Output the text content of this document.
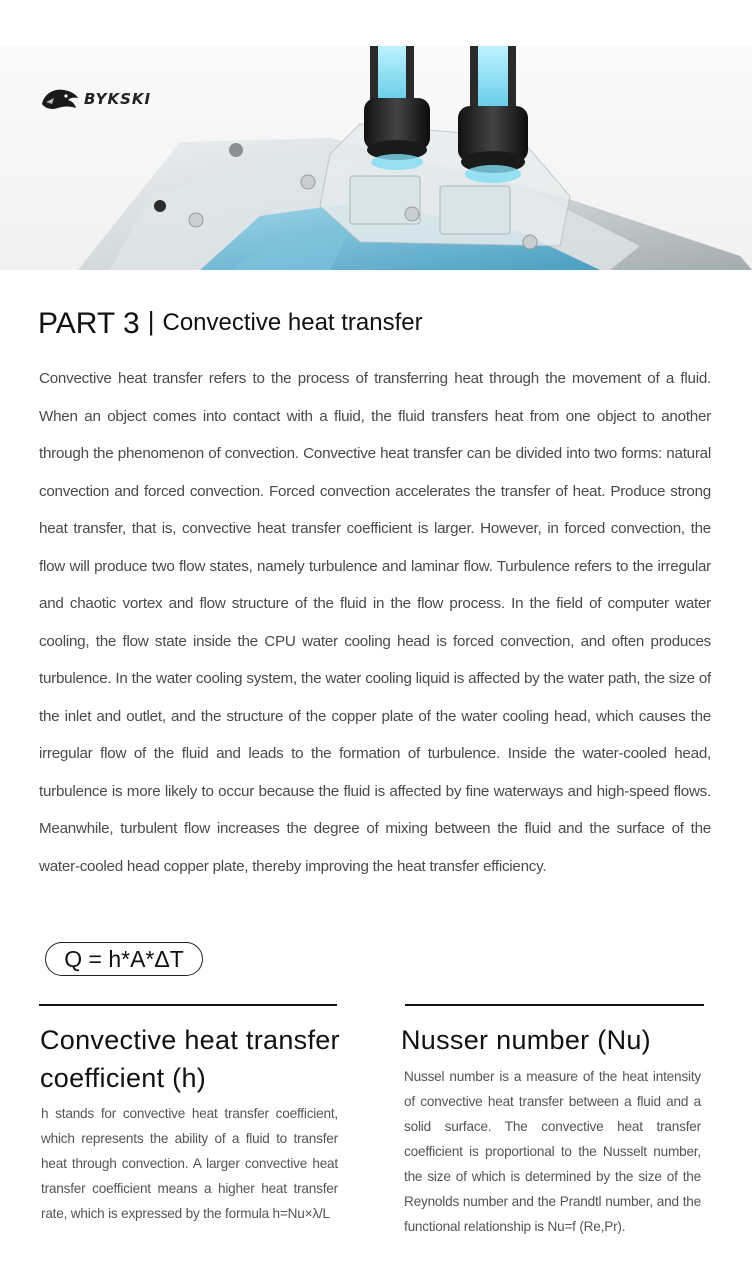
BYKSKI
PART 3 | Convective heat transfer

Convective heat transfer refers to the process of transferring heat through the movement of a fluid. When an object comes into contact with a fluid, the fluid transfers heat from one object to another through the phenomenon of convection. Convective heat transfer can be divided into two forms: natural convection and forced convection. Forced convection accelerates the transfer of heat. Produce strong heat transfer, that is, convective heat transfer coefficient is larger. However, in forced convection, the flow will produce two flow states, namely turbulence and laminar flow. Turbulence refers to the irregular and chaotic vortex and flow structure of the fluid in the flow process. In the field of computer water cooling, the flow state inside the CPU water cooling head is forced convection, and often produces turbulence. In the water cooling system, the water cooling liquid is affected by the water path, the size of the inlet and outlet, and the structure of the copper plate of the water cooling head, which causes the irregular flow of the fluid and leads to the formation of turbulence. Inside the water-cooled head, turbulence is more likely to occur because the fluid is affected by fine waterways and high-speed flows. Meanwhile, turbulent flow increases the degree of mixing between the fluid and the surface of the water-cooled head copper plate, thereby improving the heat transfer efficiency.

Q = h*A*ΔT
Convective heat transfer coefficient (h)

h stands for convective heat transfer coefficient, which represents the ability of a fluid to transfer heat through convection. A larger convective heat transfer coefficient means a higher heat transfer rate, which is expressed by the formula h=Nu×λ/L

Nusser number (Nu)

Nussel number is a measure of the heat intensity of convective heat transfer between a fluid and a solid surface. The convective heat transfer coefficient is proportional to the Nusselt number, the size of which is determined by the size of the Reynolds number and the Prandtl number, and the functional relationship is Nu=f (Re,Pr).
